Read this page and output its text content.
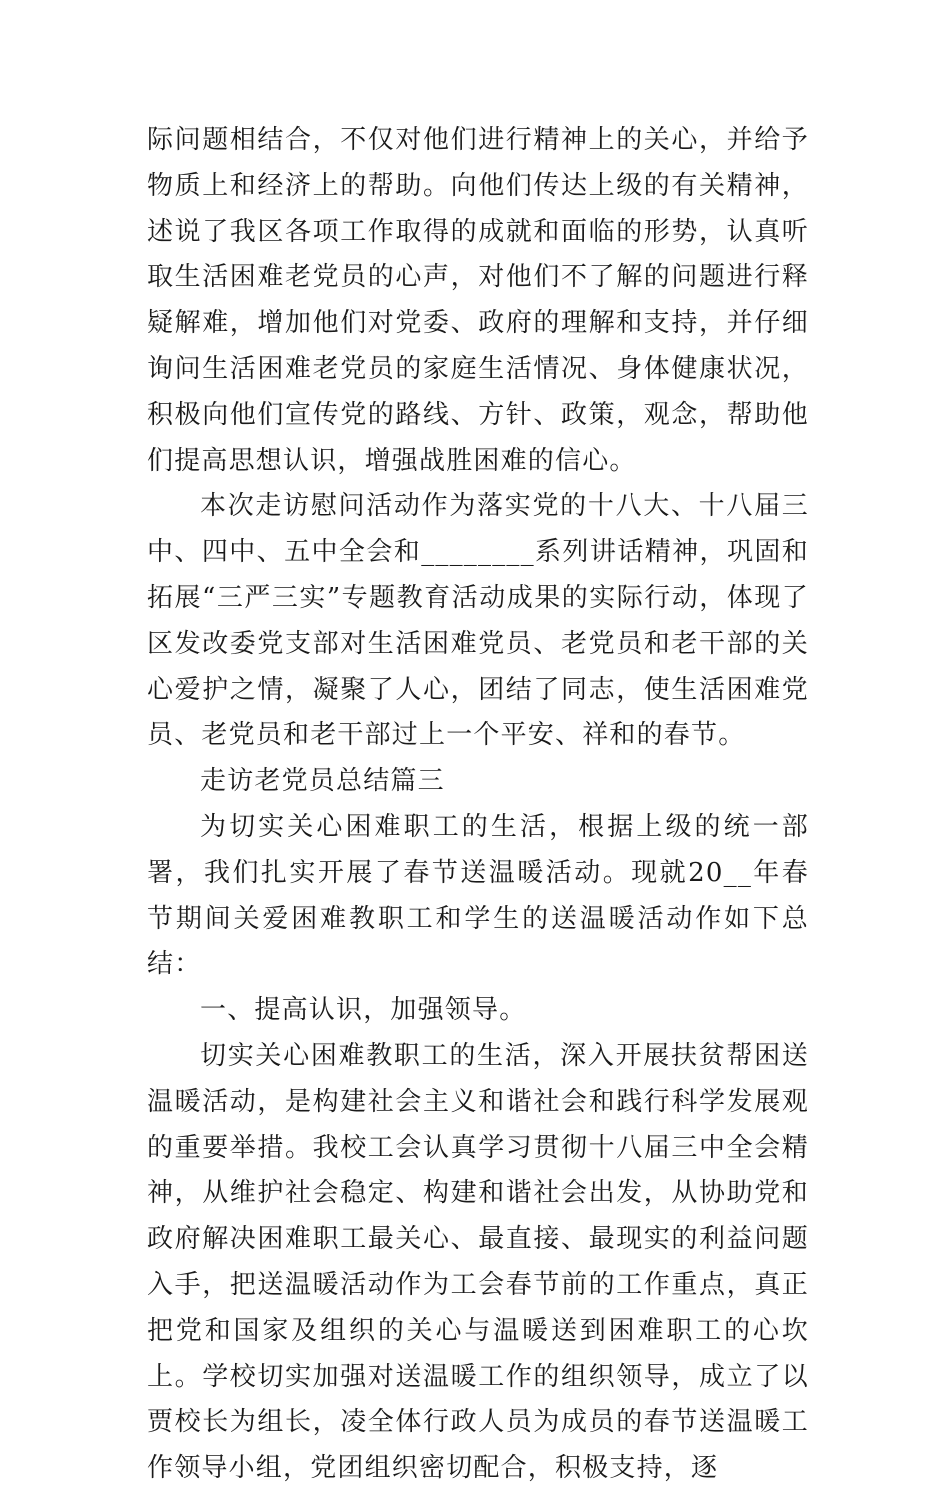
际问题相结合，不仅对他们进行精神上的关心，并给予物质上和经济上的帮助。向他们传达上级的有关精神，述说了我区各项工作取得的成就和面临的形势，认真听取生活困难老党员的心声，对他们不了解的问题进行释疑解难，增加他们对党委、政府的理解和支持，并仔细询问生活困难老党员的家庭生活情况、身体健康状况，积极向他们宣传党的路线、方针、政策，观念，帮助他们提高思想认识，增强战胜困难的信心。

本次走访慰问活动作为落实党的十八大、十八届三中、四中、五中全会和________系列讲话精神，巩固和拓展“三严三实”专题教育活动成果的实际行动，体现了区发改委党支部对生活困难党员、老党员和老干部的关心爱护之情，凝聚了人心，团结了同志，使生活困难党员、老党员和老干部过上一个平安、祥和的春节。

走访老党员总结篇三

为切实关心困难职工的生活，根据上级的统一部署，我们扎实开展了春节送温暖活动。现就20__年春节期间关爱困难教职工和学生的送温暖活动作如下总结：

一、提高认识，加强领导。

切实关心困难教职工的生活，深入开展扶贫帮困送温暖活动，是构建社会主义和谐社会和践行科学发展观的重要举措。我校工会认真学习贯彻十八届三中全会精神，从维护社会稳定、构建和谐社会出发，从协助党和政府解决困难职工最关心、最直接、最现实的利益问题入手，把送温暖活动作为工会春节前的工作重点，真正把党和国家及组织的关心与温暖送到困难职工的心坎上。学校切实加强对送温暖工作的组织领导，成立了以贾校长为组长，凌全体行政人员为成员的春节送温暖工作领导小组，党团组织密切配合，积极支持，逐
